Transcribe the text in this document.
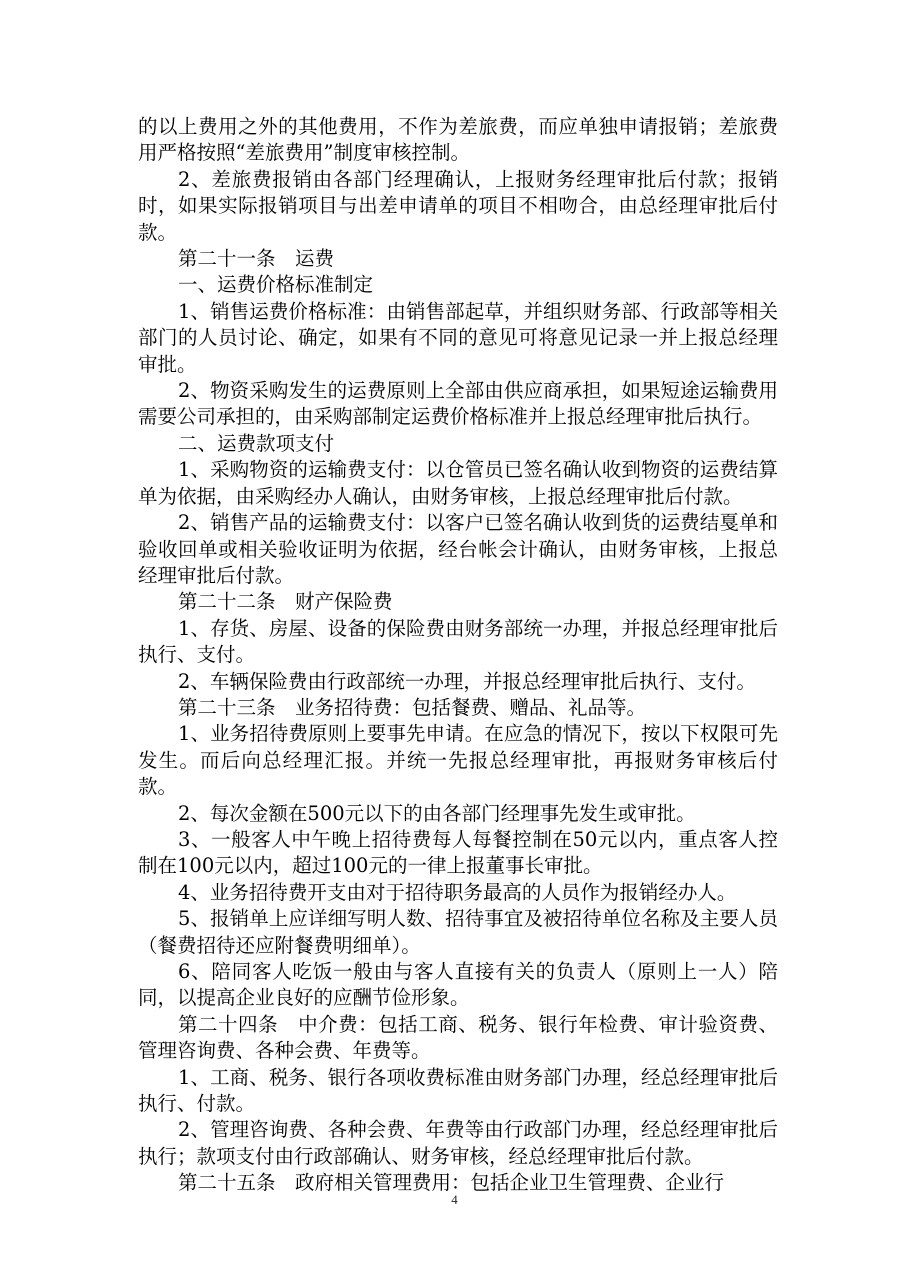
的以上费用之外的其他费用，不作为差旅费，而应单独申请报销；差旅费用严格按照“差旅费用”制度审核控制。

2、差旅费报销由各部门经理确认，上报财务经理审批后付款；报销时，如果实际报销项目与出差申请单的项目不相吻合，由总经理审批后付款。

第二十一条　运费

一、运费价格标准制定

1、销售运费价格标准：由销售部起草，并组织财务部、行政部等相关部门的人员讨论、确定，如果有不同的意见可将意见记录一并上报总经理审批。

2、物资采购发生的运费原则上全部由供应商承担，如果短途运输费用需要公司承担的，由采购部制定运费价格标准并上报总经理审批后执行。

二、运费款项支付

1、采购物资的运输费支付：以仓管员已签名确认收到物资的运费结算单为依据，由采购经办人确认，由财务审核，上报总经理审批后付款。

2、销售产品的运输费支付：以客户已签名确认收到货的运费结戛单和验收回单或相关验收证明为依据，经台帐会计确认，由财务审核，上报总经理审批后付款。

第二十二条　财产保险费

1、存货、房屋、设备的保险费由财务部统一办理，并报总经理审批后执行、支付。

2、车辆保险费由行政部统一办理，并报总经理审批后执行、支付。

第二十三条　业务招待费：包括餐费、赠品、礼品等。

1、业务招待费原则上要事先申请。在应急的情况下，按以下权限可先发生。而后向总经理汇报。并统一先报总经理审批，再报财务审核后付款。

2、每次金额在500元以下的由各部门经理事先发生或审批。

3、一般客人中午晚上招待费每人每餐控制在50元以内，重点客人控制在100元以内，超过100元的一律上报董事长审批。

4、业务招待费开支由对于招待职务最高的人员作为报销经办人。

5、报销单上应详细写明人数、招待事宜及被招待单位名称及主要人员（餐费招待还应附餐费明细单）。

6、陪同客人吃饭一般由与客人直接有关的负责人（原则上一人）陪同，以提高企业良好的应酬节俭形象。

第二十四条　中介费：包括工商、税务、银行年检费、审计验资费、管理咨询费、各种会费、年费等。

1、工商、税务、银行各项收费标准由财务部门办理，经总经理审批后执行、付款。

2、管理咨询费、各种会费、年费等由行政部门办理，经总经理审批后执行；款项支付由行政部确认、财务审核，经总经理审批后付款。

第二十五条　政府相关管理费用：包括企业卫生管理费、企业行

4
